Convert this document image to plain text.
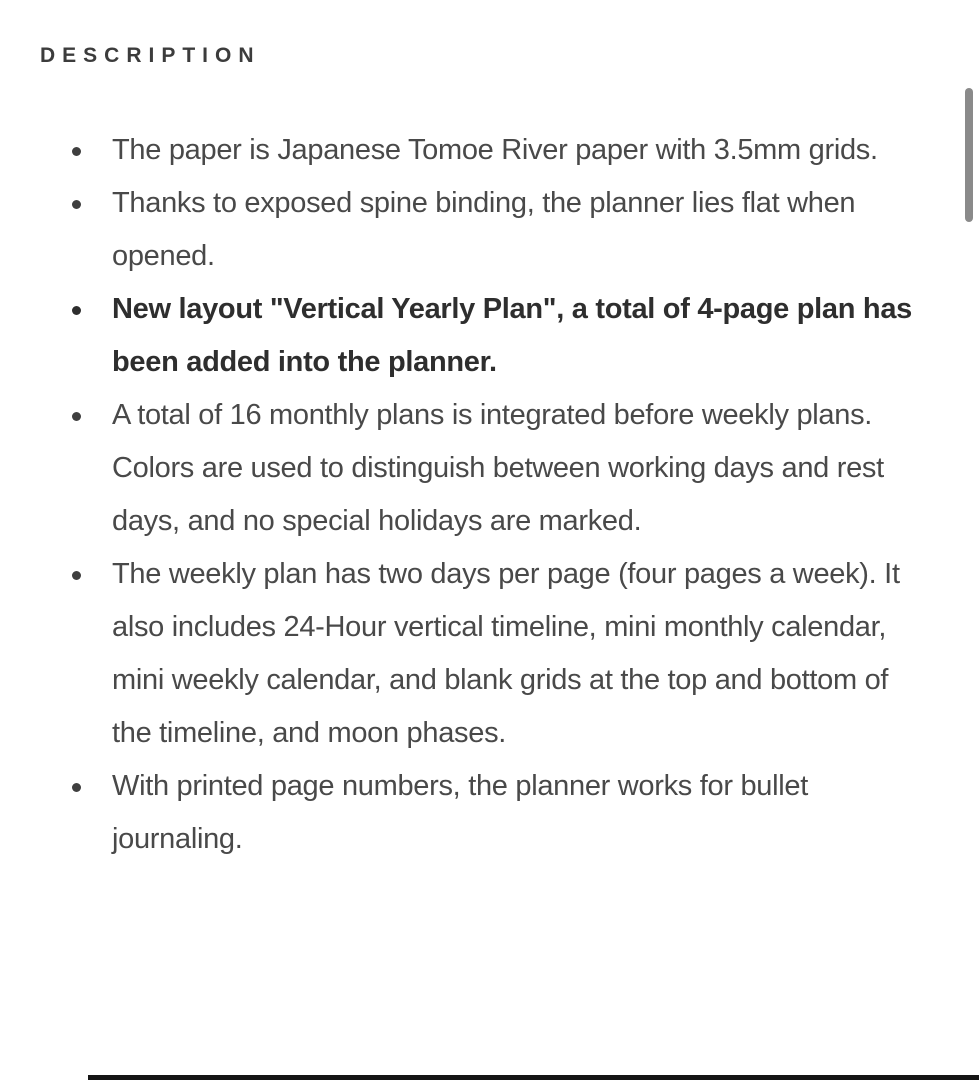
DESCRIPTION
The paper is Japanese Tomoe River paper with 3.5mm grids.
Thanks to exposed spine binding, the planner lies flat when opened.
New layout "Vertical Yearly Plan", a total of 4-page plan has been added into the planner.
A total of 16 monthly plans is integrated before weekly plans. Colors are used to distinguish between working days and rest days, and no special holidays are marked.
The weekly plan has two days per page (four pages a week). It also includes 24-Hour vertical timeline, mini monthly calendar, mini weekly calendar, and blank grids at the top and bottom of the timeline, and moon phases.
With printed page numbers, the planner works for bullet journaling.
